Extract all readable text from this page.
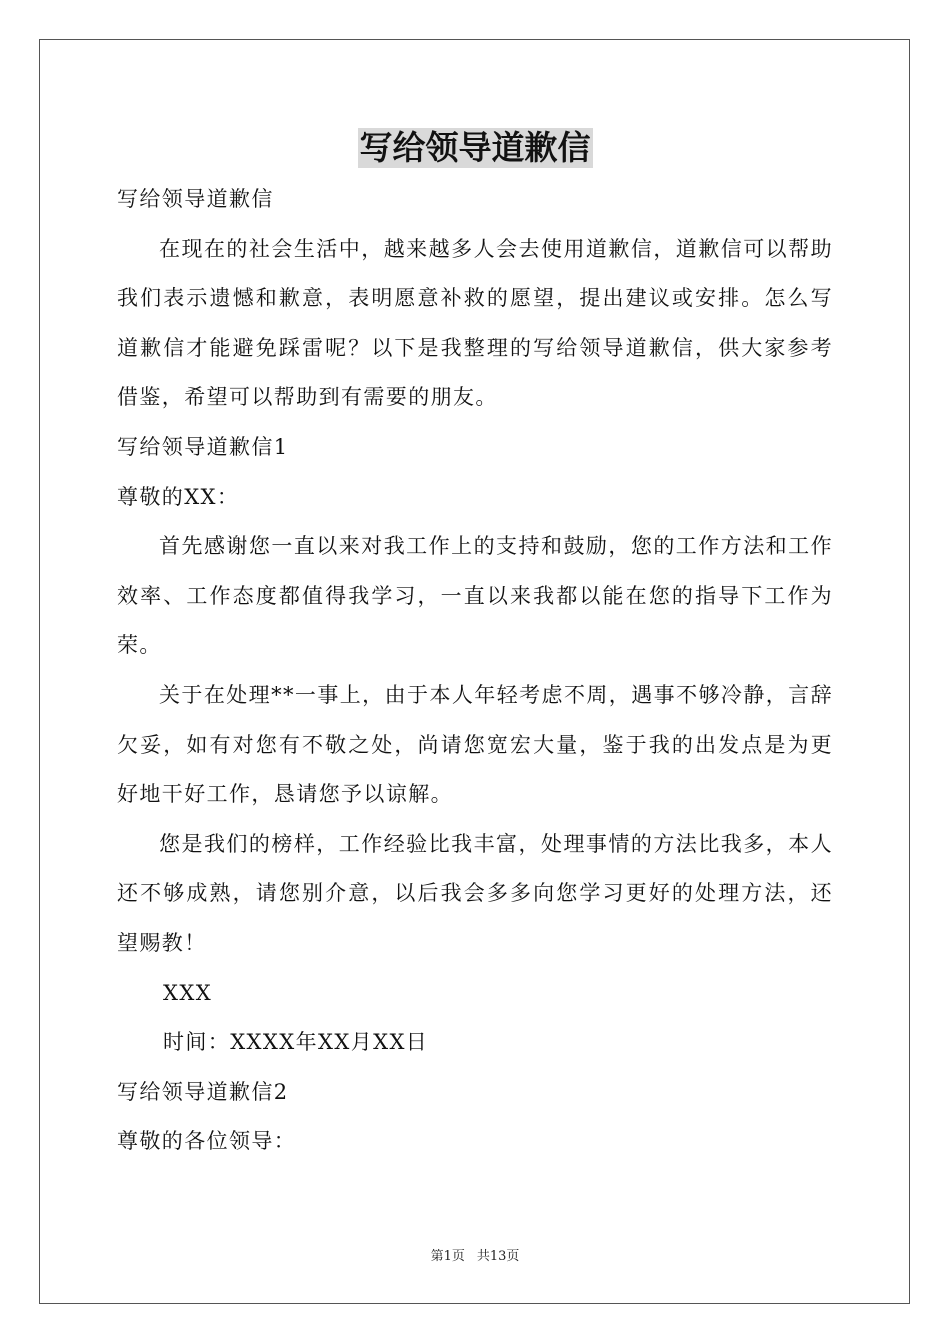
写给领导道歉信
写给领导道歉信

在现在的社会生活中，越来越多人会去使用道歉信，道歉信可以帮助我们表示遗憾和歉意，表明愿意补救的愿望，提出建议或安排。怎么写道歉信才能避免踩雷呢？以下是我整理的写给领导道歉信，供大家参考借鉴，希望可以帮助到有需要的朋友。

写给领导道歉信1
尊敬的XX：

首先感谢您一直以来对我工作上的支持和鼓励，您的工作方法和工作效率、工作态度都值得我学习，一直以来我都以能在您的指导下工作为荣。

关于在处理**一事上，由于本人年轻考虑不周，遇事不够冷静，言辞欠妥，如有对您有不敬之处，尚请您宽宏大量，鉴于我的出发点是为更好地干好工作，恳请您予以谅解。

您是我们的榜样，工作经验比我丰富，处理事情的方法比我多，本人还不够成熟，请您别介意，以后我会多多向您学习更好的处理方法，还望赐教！

XXX
时间：XXXX年XX月XX日
写给领导道歉信2
尊敬的各位领导：
第1页 共13页
